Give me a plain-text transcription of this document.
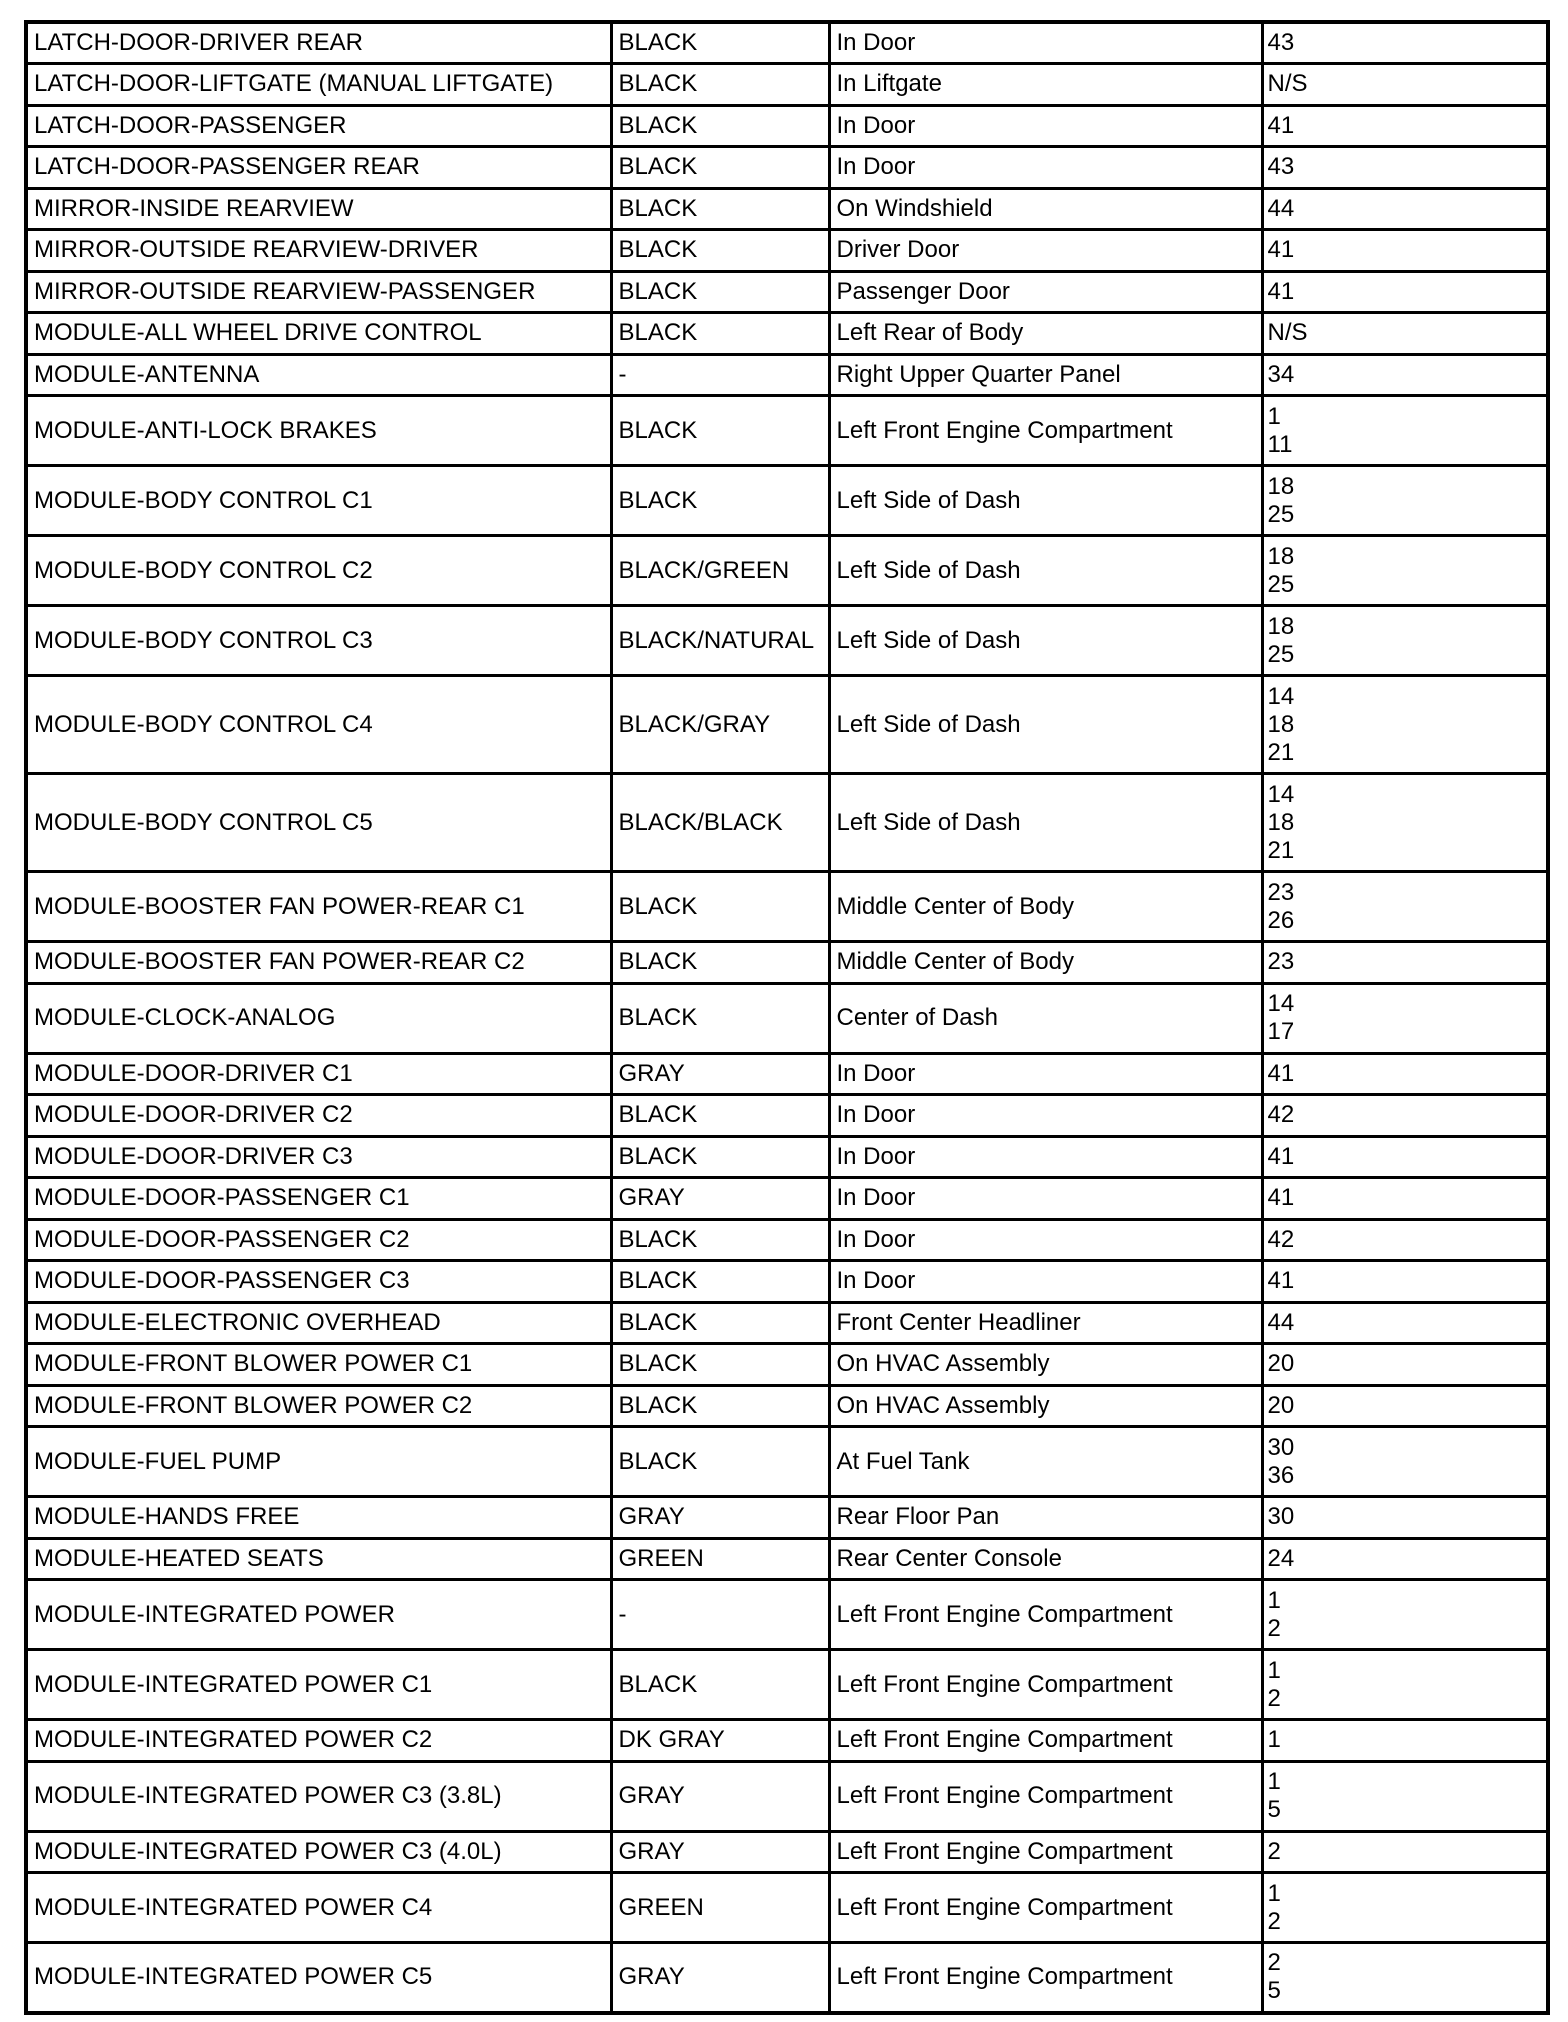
LATCH-DOOR-DRIVER REAR	BLACK	In Door	43

LATCH-DOOR-LIFTGATE (MANUAL LIFTGATE)	BLACK	In Liftgate	N/S

LATCH-DOOR-PASSENGER	BLACK	In Door	41

LATCH-DOOR-PASSENGER REAR	BLACK	In Door	43

MIRROR-INSIDE REARVIEW	BLACK	On Windshield	44

MIRROR-OUTSIDE REARVIEW-DRIVER	BLACK	Driver Door	41

MIRROR-OUTSIDE REARVIEW-PASSENGER	BLACK	Passenger Door	41

MODULE-ALL WHEEL DRIVE CONTROL	BLACK	Left Rear of Body	N/S

MODULE-ANTENNA	-	Right Upper Quarter Panel	34

MODULE-ANTI-LOCK BRAKES	BLACK	Left Front Engine Compartment	1
11

MODULE-BODY CONTROL C1	BLACK	Left Side of Dash	18
25

MODULE-BODY CONTROL C2	BLACK/GREEN	Left Side of Dash	18
25

MODULE-BODY CONTROL C3	BLACK/NATURAL	Left Side of Dash	18
25

MODULE-BODY CONTROL C4	BLACK/GRAY	Left Side of Dash	14
18
21

MODULE-BODY CONTROL C5	BLACK/BLACK	Left Side of Dash	14
18
21

MODULE-BOOSTER FAN POWER-REAR C1	BLACK	Middle Center of Body	23
26

MODULE-BOOSTER FAN POWER-REAR C2	BLACK	Middle Center of Body	23

MODULE-CLOCK-ANALOG	BLACK	Center of Dash	14
17

MODULE-DOOR-DRIVER C1	GRAY	In Door	41

MODULE-DOOR-DRIVER C2	BLACK	In Door	42

MODULE-DOOR-DRIVER C3	BLACK	In Door	41

MODULE-DOOR-PASSENGER C1	GRAY	In Door	41

MODULE-DOOR-PASSENGER C2	BLACK	In Door	42

MODULE-DOOR-PASSENGER C3	BLACK	In Door	41

MODULE-ELECTRONIC OVERHEAD	BLACK	Front Center Headliner	44

MODULE-FRONT BLOWER POWER C1	BLACK	On HVAC Assembly	20

MODULE-FRONT BLOWER POWER C2	BLACK	On HVAC Assembly	20

MODULE-FUEL PUMP	BLACK	At Fuel Tank	30
36

MODULE-HANDS FREE	GRAY	Rear Floor Pan	30

MODULE-HEATED SEATS	GREEN	Rear Center Console	24

MODULE-INTEGRATED POWER	-	Left Front Engine Compartment	1
2

MODULE-INTEGRATED POWER C1	BLACK	Left Front Engine Compartment	1
2

MODULE-INTEGRATED POWER C2	DK GRAY	Left Front Engine Compartment	1

MODULE-INTEGRATED POWER C3 (3.8L)	GRAY	Left Front Engine Compartment	1
5

MODULE-INTEGRATED POWER C3 (4.0L)	GRAY	Left Front Engine Compartment	2

MODULE-INTEGRATED POWER C4	GREEN	Left Front Engine Compartment	1
2

MODULE-INTEGRATED POWER C5	GRAY	Left Front Engine Compartment	2
5
